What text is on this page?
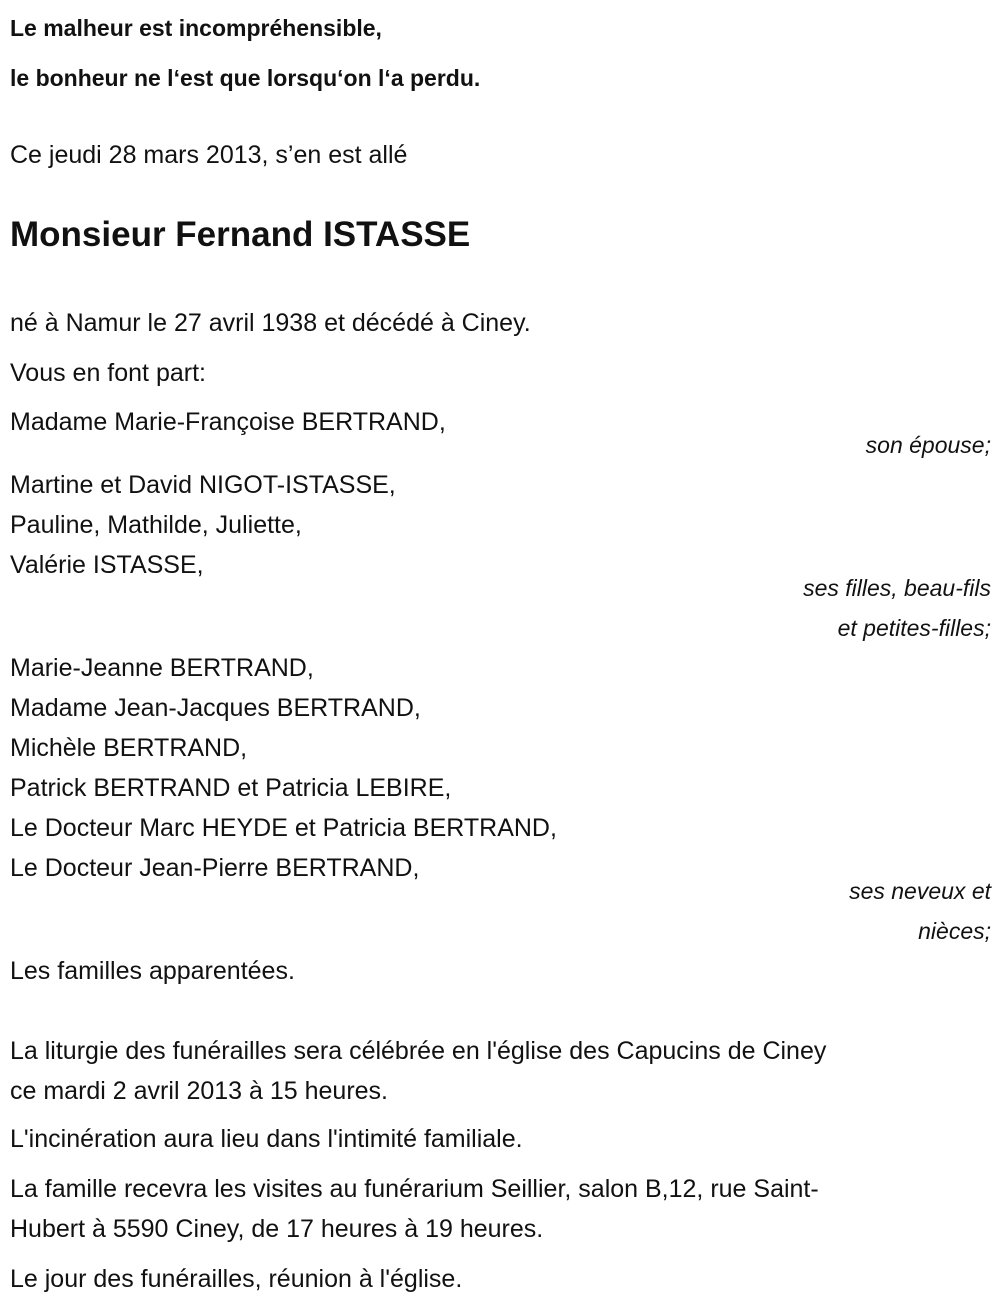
Le malheur est incompréhensible,
le bonheur ne l‘est que lorsqu‘on l‘a perdu.
Ce jeudi 28 mars 2013, s’en est allé
Monsieur Fernand ISTASSE
né à Namur le 27 avril 1938 et décédé à Ciney.
Vous en font part:
Madame Marie-Françoise BERTRAND,
son épouse;
Martine et David NIGOT-ISTASSE,
Pauline, Mathilde, Juliette,
Valérie ISTASSE,
ses filles, beau-fils
et petites-filles;
Marie-Jeanne BERTRAND,
Madame Jean-Jacques BERTRAND,
Michèle BERTRAND,
Patrick BERTRAND et Patricia LEBIRE,
Le Docteur Marc HEYDE et Patricia BERTRAND,
Le Docteur Jean-Pierre BERTRAND,
ses neveux et
nièces;
Les familles apparentées.
La liturgie des funérailles sera célébrée en l'église des Capucins de Ciney
ce mardi 2 avril 2013 à 15 heures.
L'incinération aura lieu dans l'intimité familiale.
La famille recevra les visites au funérarium Seillier, salon B,12, rue Saint-
Hubert à 5590 Ciney, de 17 heures à 19 heures.
Le jour des funérailles, réunion à l'église.
